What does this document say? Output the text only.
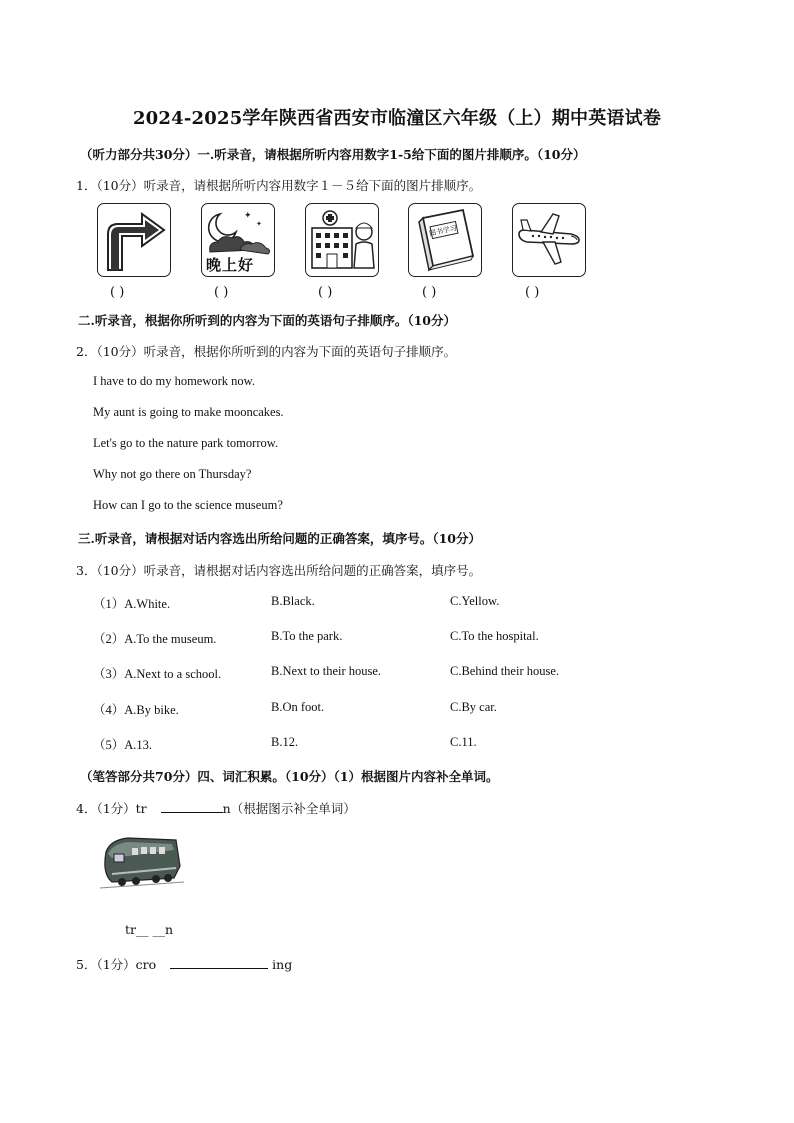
2024-2025学年陕西省西安市临潼区六年级（上）期中英语试卷
（听力部分共30分）一.听录音，请根据所听内容用数字1-5给下面的图片排顺序。（10分）
1．（10分）听录音，请根据所听内容用数字１－５给下面的图片排顺序。
( )
✦
✦
晚上好
( )	( )
图书学习
( )	( )
二.听录音，根据你所听到的内容为下面的英语句子排顺序。（10分）
2．（10分）听录音，根据你所听到的内容为下面的英语句子排顺序。
I have to do my homework now.
My aunt is going to make mooncakes.
Let's go to the nature park tomorrow.
Why not go there on Thursday?
How can I go to the science museum?
三.听录音，请根据对话内容选出所给问题的正确答案，填序号。（10分）
3．（10分）听录音，请根据对话内容选出所给问题的正确答案，填序号。
（1）A.White.	B.Black.	C.Yellow.
（2）A.To the museum.	B.To the park.	C.To the hospital.
（3）A.Next to a school.	B.Next to their house.	C.Behind their house.
（4）A.By bike.	B.On foot.	C.By car.
（5）A.13.	B.12.	C.11.
（笔答部分共70分）四、词汇积累。（10分）（1）根据图片内容补全单词。
4．（1分）tr	n（根据图示补全单词）
tr__ __n
5．（1分）cro	ing
